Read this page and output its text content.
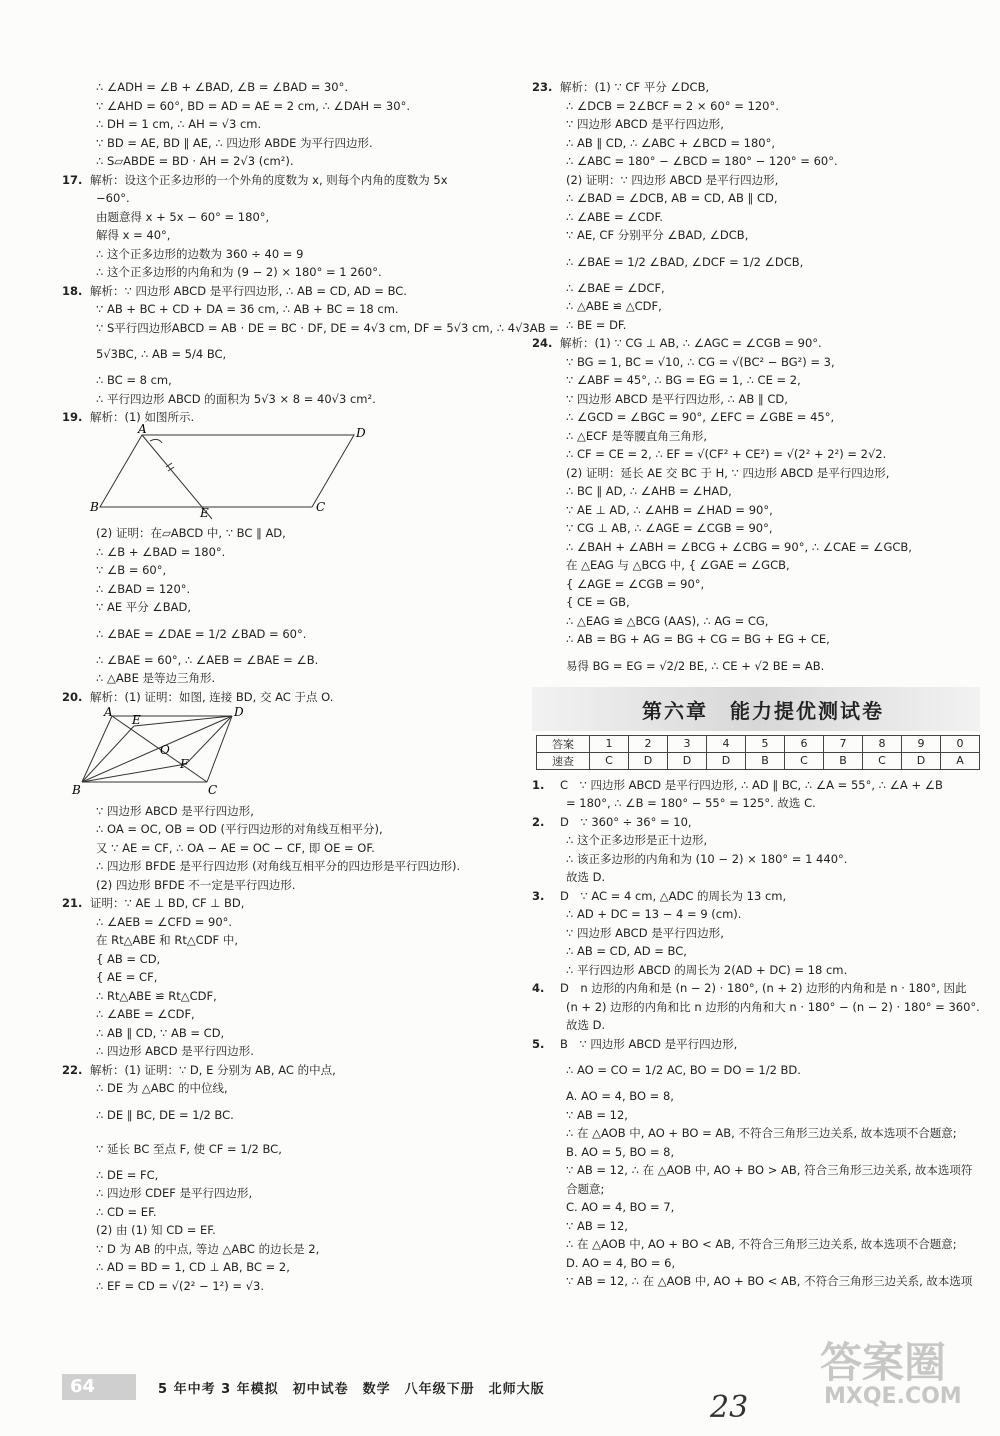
∴ ∠ADH = ∠B + ∠BAD, ∠B = ∠BAD = 30°.
∵ ∠AHD = 60°, BD = AD = AE = 2 cm, ∴ ∠DAH = 30°.
∴ DH = 1 cm, ∴ AH = √3 cm.
∵ BD = AE, BD ∥ AE, ∴ 四边形 ABDE 为平行四边形.
∴ S▱ABDE = BD · AH = 2√3 (cm²).
17. 解析：设这个正多边形的一个外角的度数为 x, 则每个内角的度数为 5x
−60°.
由题意得 x + 5x − 60° = 180°,
解得 x = 40°,
∴ 这个正多边形的边数为 360 ÷ 40 = 9
∴ 这个正多边形的内角和为 (9 − 2) × 180° = 1 260°.
18. 解析：∵ 四边形 ABCD 是平行四边形, ∴ AB = CD, AD = BC.
∵ AB + BC + CD + DA = 36 cm, ∴ AB + BC = 18 cm.
∵ S平行四边形ABCD = AB · DE = BC · DF, DE = 4√3 cm, DF = 5√3 cm, ∴ 4√3AB =
5√3BC, ∴ AB = 5/4 BC,
∴ BC = 8 cm,
∴ 平行四边形 ABCD 的面积为 5√3 × 8 = 40√3 cm².
19. 解析：(1) 如图所示.
A	D
B	C
E
(2) 证明：在▱ABCD 中, ∵ BC ∥ AD,
∴ ∠B + ∠BAD = 180°.
∵ ∠B = 60°,
∴ ∠BAD = 120°.
∵ AE 平分 ∠BAD,
∴ ∠BAE = ∠DAE = 1/2 ∠BAD = 60°.
∴ ∠BAE = 60°, ∴ ∠AEB = ∠BAE = ∠B.
∴ △ABE 是等边三角形.
20. 解析：(1) 证明：如图, 连接 BD, 交 AC 于点 O.
A	D
B	C
E
F
O
∵ 四边形 ABCD 是平行四边形,
∴ OA = OC, OB = OD (平行四边形的对角线互相平分),
又 ∵ AE = CF, ∴ OA − AE = OC − CF, 即 OE = OF.
∴ 四边形 BFDE 是平行四边形 (对角线互相平分的四边形是平行四边形).
(2) 四边形 BFDE 不一定是平行四边形.
21. 证明：∵ AE ⊥ BD, CF ⊥ BD,
∴ ∠AEB = ∠CFD = 90°.
在 Rt△ABE 和 Rt△CDF 中,
{ AB = CD,
{ AE = CF,
∴ Rt△ABE ≌ Rt△CDF,
∴ ∠ABE = ∠CDF,
∴ AB ∥ CD, ∵ AB = CD,
∴ 四边形 ABCD 是平行四边形.
22. 解析：(1) 证明：∵ D, E 分别为 AB, AC 的中点,
∴ DE 为 △ABC 的中位线,
∴ DE ∥ BC, DE = 1/2 BC.
∵ 延长 BC 至点 F, 使 CF = 1/2 BC,
∴ DE = FC,
∴ 四边形 CDEF 是平行四边形,
∴ CD = EF.
(2) 由 (1) 知 CD = EF.
∵ D 为 AB 的中点, 等边 △ABC 的边长是 2,
∴ AD = BD = 1, CD ⊥ AB, BC = 2,
∴ EF = CD = √(2² − 1²) = √3.
23. 解析：(1) ∵ CF 平分 ∠DCB,
∴ ∠DCB = 2∠BCF = 2 × 60° = 120°.
∵ 四边形 ABCD 是平行四边形,
∴ AB ∥ CD, ∴ ∠ABC + ∠BCD = 180°,
∴ ∠ABC = 180° − ∠BCD = 180° − 120° = 60°.
(2) 证明：∵ 四边形 ABCD 是平行四边形,
∴ ∠BAD = ∠DCB, AB = CD, AB ∥ CD,
∴ ∠ABE = ∠CDF.
∵ AE, CF 分别平分 ∠BAD, ∠DCB,
∴ ∠BAE = 1/2 ∠BAD, ∠DCF = 1/2 ∠DCB,
∴ ∠BAE = ∠DCF,
∴ △ABE ≌ △CDF,
∴ BE = DF.
24. 解析：(1) ∵ CG ⊥ AB, ∴ ∠AGC = ∠CGB = 90°.
∵ BG = 1, BC = √10, ∴ CG = √(BC² − BG²) = 3,
∵ ∠ABF = 45°, ∴ BG = EG = 1, ∴ CE = 2,
∵ 四边形 ABCD 是平行四边形, ∴ AB ∥ CD,
∴ ∠GCD = ∠BGC = 90°, ∠EFC = ∠GBE = 45°,
∴ △ECF 是等腰直角三角形,
∴ CF = CE = 2, ∴ EF = √(CF² + CE²) = √(2² + 2²) = 2√2.
(2) 证明：延长 AE 交 BC 于 H, ∵ 四边形 ABCD 是平行四边形,
∴ BC ∥ AD, ∴ ∠AHB = ∠HAD,
∵ AE ⊥ AD, ∴ ∠AHB = ∠HAD = 90°,
∵ CG ⊥ AB, ∴ ∠AGE = ∠CGB = 90°,
∴ ∠BAH + ∠ABH = ∠BCG + ∠CBG = 90°, ∴ ∠CAE = ∠GCB,
在 △EAG 与 △BCG 中, { ∠GAE = ∠GCB,
{ ∠AGE = ∠CGB = 90°,
{ CE = GB,
∴ △EAG ≌ △BCG (AAS), ∴ AG = CG,
∴ AB = BG + AG = BG + CG = BG + EG + CE,
易得 BG = EG = √2/2 BE, ∴ CE + √2 BE = AB.
第六章　能力提优测试卷
答案	1	2	3	4	5	6	7	8	9	0
速查	C	D	D	D	B	C	B	C	D	A
1. C　∵ 四边形 ABCD 是平行四边形, ∴ AD ∥ BC, ∴ ∠A = 55°, ∴ ∠A + ∠B
= 180°, ∴ ∠B = 180° − 55° = 125°. 故选 C.
2. D　∵ 360° ÷ 36° = 10,
∴ 这个正多边形是正十边形,
∴ 该正多边形的内角和为 (10 − 2) × 180° = 1 440°.
故选 D.
3. D　∵ AC = 4 cm, △ADC 的周长为 13 cm,
∴ AD + DC = 13 − 4 = 9 (cm).
∵ 四边形 ABCD 是平行四边形,
∴ AB = CD, AD = BC,
∴ 平行四边形 ABCD 的周长为 2(AD + DC) = 18 cm.
4. D　n 边形的内角和是 (n − 2) · 180°, (n + 2) 边形的内角和是 n · 180°, 因此
(n + 2) 边形的内角和比 n 边形的内角和大 n · 180° − (n − 2) · 180° = 360°.
故选 D.
5. B　∵ 四边形 ABCD 是平行四边形,
∴ AO = CO = 1/2 AC, BO = DO = 1/2 BD.
A. AO = 4, BO = 8,
∵ AB = 12,
∴ 在 △AOB 中, AO + BO = AB, 不符合三角形三边关系, 故本选项不合题意;
B. AO = 5, BO = 8,
∵ AB = 12, ∴ 在 △AOB 中, AO + BO > AB, 符合三角形三边关系, 故本选项符
合题意;
C. AO = 4, BO = 7,
∵ AB = 12,
∴ 在 △AOB 中, AO + BO < AB, 不符合三角形三边关系, 故本选项不合题意;
D. AO = 4, BO = 6,
∵ AB = 12, ∴ 在 △AOB 中, AO + BO < AB, 不符合三角形三边关系, 故本选项
64	5 年中考 3 年模拟　初中试卷　数学　八年级下册　北师大版
23
答案圈
MXQE.COM
